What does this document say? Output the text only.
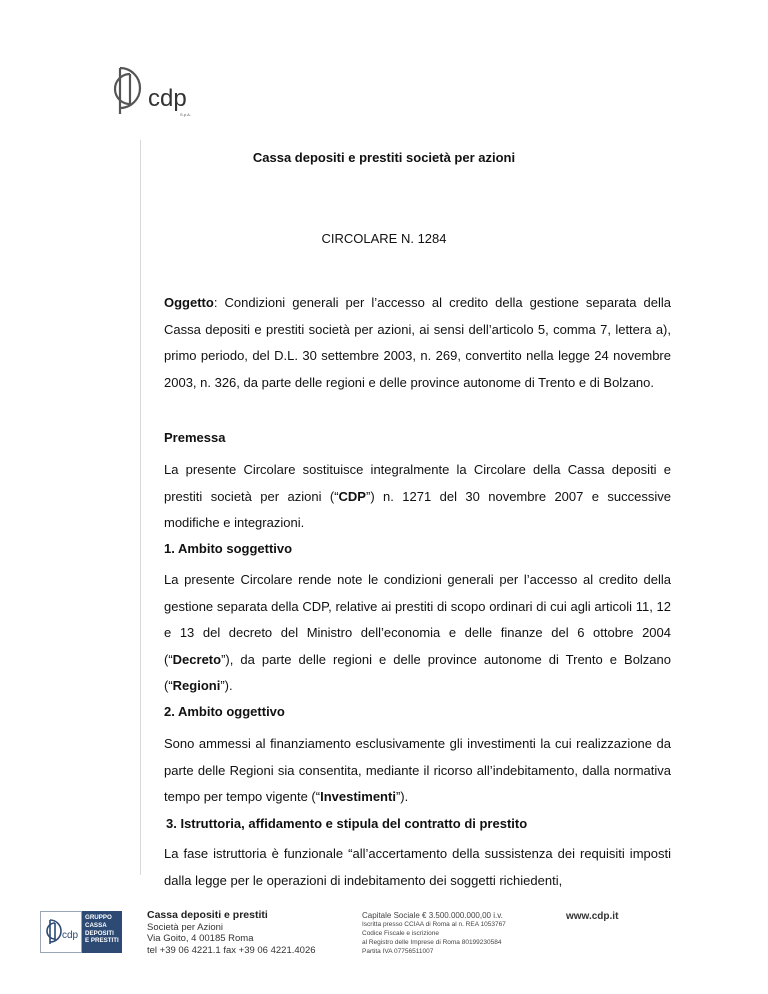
cdp
S.p.A.
Cassa depositi e prestiti società per azioni
CIRCOLARE N. 1284
Oggetto: Condizioni generali per l’accesso al credito della gestione separata della Cassa depositi e prestiti società per azioni, ai sensi dell’articolo 5, comma 7, lettera a), primo periodo, del D.L. 30 settembre 2003, n. 269, convertito nella legge 24 novembre 2003, n. 326, da parte delle regioni e delle province autonome di Trento e di Bolzano.
Premessa
La presente Circolare sostituisce integralmente la Circolare della Cassa depositi e prestiti società per azioni (“CDP”) n. 1271 del 30 novembre 2007 e successive modifiche e integrazioni.
1. Ambito soggettivo
La presente Circolare rende note le condizioni generali per l’accesso al credito della gestione separata della CDP, relative ai prestiti di scopo ordinari di cui agli articoli 11, 12 e 13 del decreto del Ministro dell’economia e delle finanze del 6 ottobre 2004 (“Decreto”), da parte delle regioni e delle province autonome di Trento e Bolzano (“Regioni”).
2. Ambito oggettivo
Sono ammessi al finanziamento esclusivamente gli investimenti la cui realizzazione da parte delle Regioni sia consentita, mediante il ricorso all’indebitamento, dalla normativa tempo per tempo vigente (“Investimenti”).
3. Istruttoria, affidamento e stipula del contratto di prestito
La fase istruttoria è funzionale “all’accertamento della sussistenza dei requisiti imposti dalla legge per le operazioni di indebitamento dei soggetti richiedenti,
cdp
GRUPPO
CASSA
DEPOSITI
E PRESTITI
Cassa depositi e prestiti
Società per Azioni
Via Goito, 4 00185 Roma
tel +39 06 4221.1 fax +39 06 4221.4026
Capitale Sociale € 3.500.000.000,00 i.v.
Iscritta presso CCIAA di Roma al n. REA 1053767
Codice Fiscale e iscrizione
al Registro delle Imprese di Roma 80199230584
Partita IVA 07756511007
www.cdp.it
